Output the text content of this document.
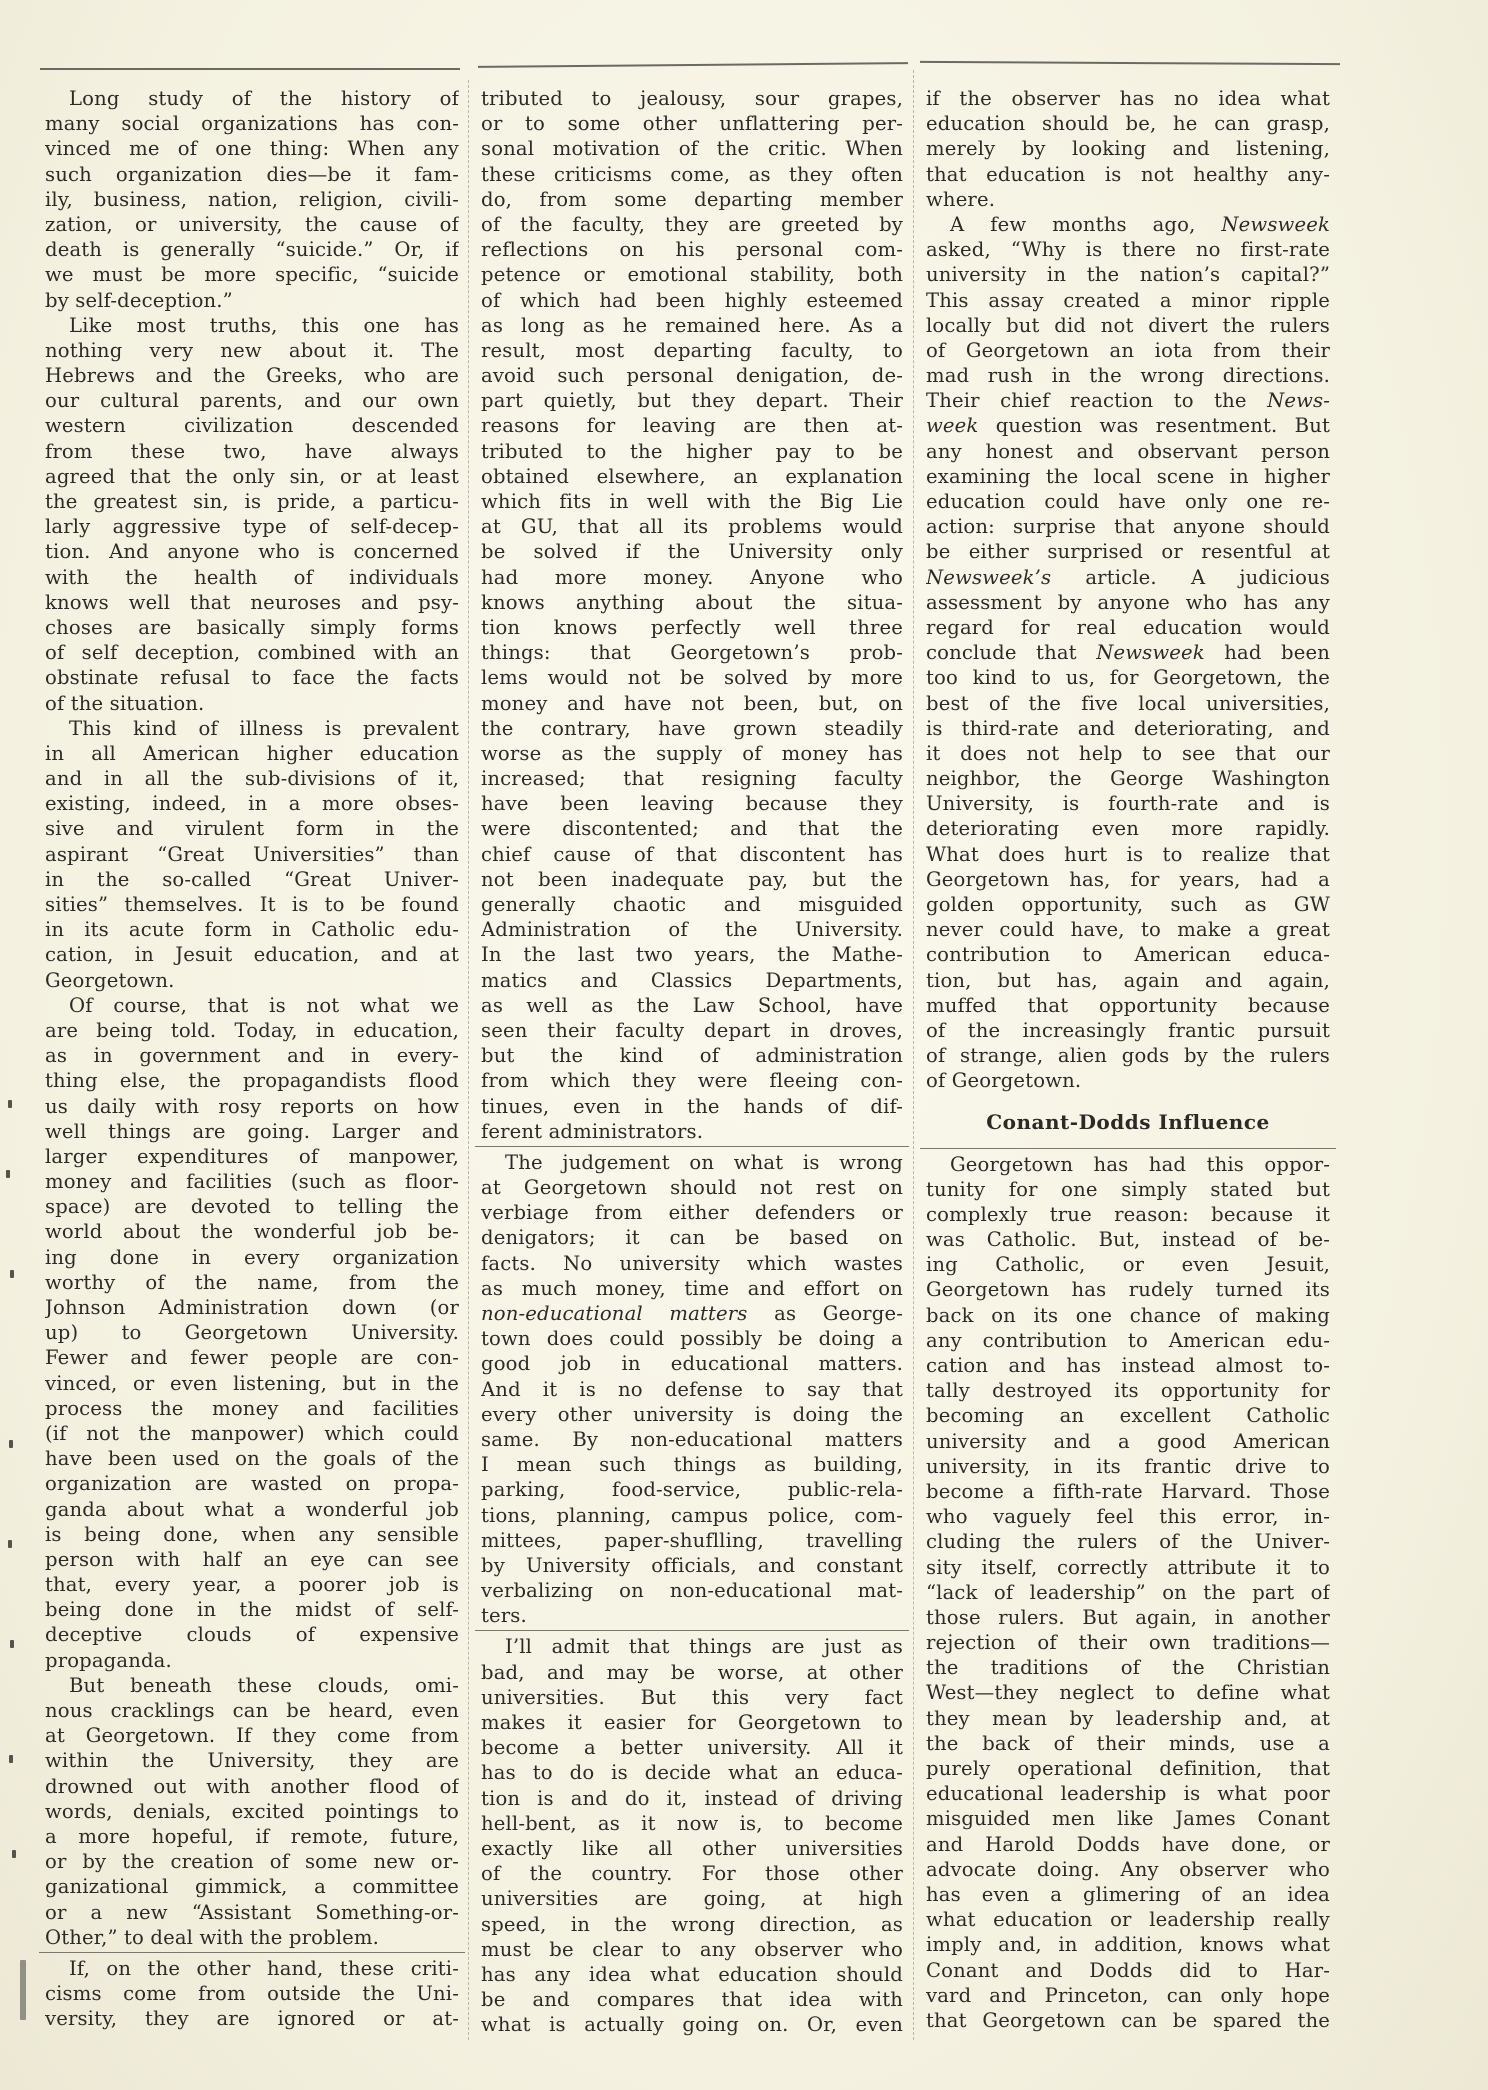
Long study of the history of
many social organizations has con-
vinced me of one thing: When any
such organization dies—be it fam-
ily, business, nation, religion, civili-
zation, or university, the cause of
death is generally “suicide.” Or, if
we must be more specific, “suicide
by self-deception.”
Like most truths, this one has
nothing very new about it. The
Hebrews and the Greeks, who are
our cultural parents, and our own
western civilization descended
from these two, have always
agreed that the only sin, or at least
the greatest sin, is pride, a particu-
larly aggressive type of self-decep-
tion. And anyone who is concerned
with the health of individuals
knows well that neuroses and psy-
choses are basically simply forms
of self deception, combined with an
obstinate refusal to face the facts
of the situation.
This kind of illness is prevalent
in all American higher education
and in all the sub-divisions of it,
existing, indeed, in a more obses-
sive and virulent form in the
aspirant “Great Universities” than
in the so-called “Great Univer-
sities” themselves. It is to be found
in its acute form in Catholic edu-
cation, in Jesuit education, and at
Georgetown.
Of course, that is not what we
are being told. Today, in education,
as in government and in every-
thing else, the propagandists flood
us daily with rosy reports on how
well things are going. Larger and
larger expenditures of manpower,
money and facilities (such as floor-
space) are devoted to telling the
world about the wonderful job be-
ing done in every organization
worthy of the name, from the
Johnson Administration down (or
up) to Georgetown University.
Fewer and fewer people are con-
vinced, or even listening, but in the
process the money and facilities
(if not the manpower) which could
have been used on the goals of the
organization are wasted on propa-
ganda about what a wonderful job
is being done, when any sensible
person with half an eye can see
that, every year, a poorer job is
being done in the midst of self-
deceptive clouds of expensive
propaganda.
But beneath these clouds, omi-
nous cracklings can be heard, even
at Georgetown. If they come from
within the University, they are
drowned out with another flood of
words, denials, excited pointings to
a more hopeful, if remote, future,
or by the creation of some new or-
ganizational gimmick, a committee
or a new “Assistant Something-or-
Other,” to deal with the problem.
If, on the other hand, these criti-
cisms come from outside the Uni-
versity, they are ignored or at-
tributed to jealousy, sour grapes,
or to some other unflattering per-
sonal motivation of the critic. When
these criticisms come, as they often
do, from some departing member
of the faculty, they are greeted by
reflections on his personal com-
petence or emotional stability, both
of which had been highly esteemed
as long as he remained here. As a
result, most departing faculty, to
avoid such personal denigation, de-
part quietly, but they depart. Their
reasons for leaving are then at-
tributed to the higher pay to be
obtained elsewhere, an explanation
which fits in well with the Big Lie
at GU, that all its problems would
be solved if the University only
had more money. Anyone who
knows anything about the situa-
tion knows perfectly well three
things: that Georgetown’s prob-
lems would not be solved by more
money and have not been, but, on
the contrary, have grown steadily
worse as the supply of money has
increased; that resigning faculty
have been leaving because they
were discontented; and that the
chief cause of that discontent has
not been inadequate pay, but the
generally chaotic and misguided
Administration of the University.
In the last two years, the Mathe-
matics and Classics Departments,
as well as the Law School, have
seen their faculty depart in droves,
but the kind of administration
from which they were fleeing con-
tinues, even in the hands of dif-
ferent administrators.
The judgement on what is wrong
at Georgetown should not rest on
verbiage from either defenders or
denigators; it can be based on
facts. No university which wastes
as much money, time and effort on
non-educational matters as George-
town does could possibly be doing a
good job in educational matters.
And it is no defense to say that
every other university is doing the
same. By non-educational matters
I mean such things as building,
parking, food-service, public-rela-
tions, planning, campus police, com-
mittees, paper-shuflling, travelling
by University officials, and constant
verbalizing on non-educational mat-
ters.
I’ll admit that things are just as
bad, and may be worse, at other
universities. But this very fact
makes it easier for Georgetown to
become a better university. All it
has to do is decide what an educa-
tion is and do it, instead of driving
hell-bent, as it now is, to become
exactly like all other universities
of the country. For those other
universities are going, at high
speed, in the wrong direction, as
must be clear to any observer who
has any idea what education should
be and compares that idea with
what is actually going on. Or, even
if the observer has no idea what
education should be, he can grasp,
merely by looking and listening,
that education is not healthy any-
where.
A few months ago, Newsweek
asked, “Why is there no first-rate
university in the nation’s capital?”
This assay created a minor ripple
locally but did not divert the rulers
of Georgetown an iota from their
mad rush in the wrong directions.
Their chief reaction to the News-
week question was resentment. But
any honest and observant person
examining the local scene in higher
education could have only one re-
action: surprise that anyone should
be either surprised or resentful at
Newsweek’s article. A judicious
assessment by anyone who has any
regard for real education would
conclude that Newsweek had been
too kind to us, for Georgetown, the
best of the five local universities,
is third-rate and deteriorating, and
it does not help to see that our
neighbor, the George Washington
University, is fourth-rate and is
deteriorating even more rapidly.
What does hurt is to realize that
Georgetown has, for years, had a
golden opportunity, such as GW
never could have, to make a great
contribution to American educa-
tion, but has, again and again,
muffed that opportunity because
of the increasingly frantic pursuit
of strange, alien gods by the rulers
of Georgetown.
Conant-Dodds Influence
Georgetown has had this oppor-
tunity for one simply stated but
complexly true reason: because it
was Catholic. But, instead of be-
ing Catholic, or even Jesuit,
Georgetown has rudely turned its
back on its one chance of making
any contribution to American edu-
cation and has instead almost to-
tally destroyed its opportunity for
becoming an excellent Catholic
university and a good American
university, in its frantic drive to
become a fifth-rate Harvard. Those
who vaguely feel this error, in-
cluding the rulers of the Univer-
sity itself, correctly attribute it to
“lack of leadership” on the part of
those rulers. But again, in another
rejection of their own traditions—
the traditions of the Christian
West—they neglect to define what
they mean by leadership and, at
the back of their minds, use a
purely operational definition, that
educational leadership is what poor
misguided men like James Conant
and Harold Dodds have done, or
advocate doing. Any observer who
has even a glimering of an idea
what education or leadership really
imply and, in addition, knows what
Conant and Dodds did to Har-
vard and Princeton, can only hope
that Georgetown can be spared the
